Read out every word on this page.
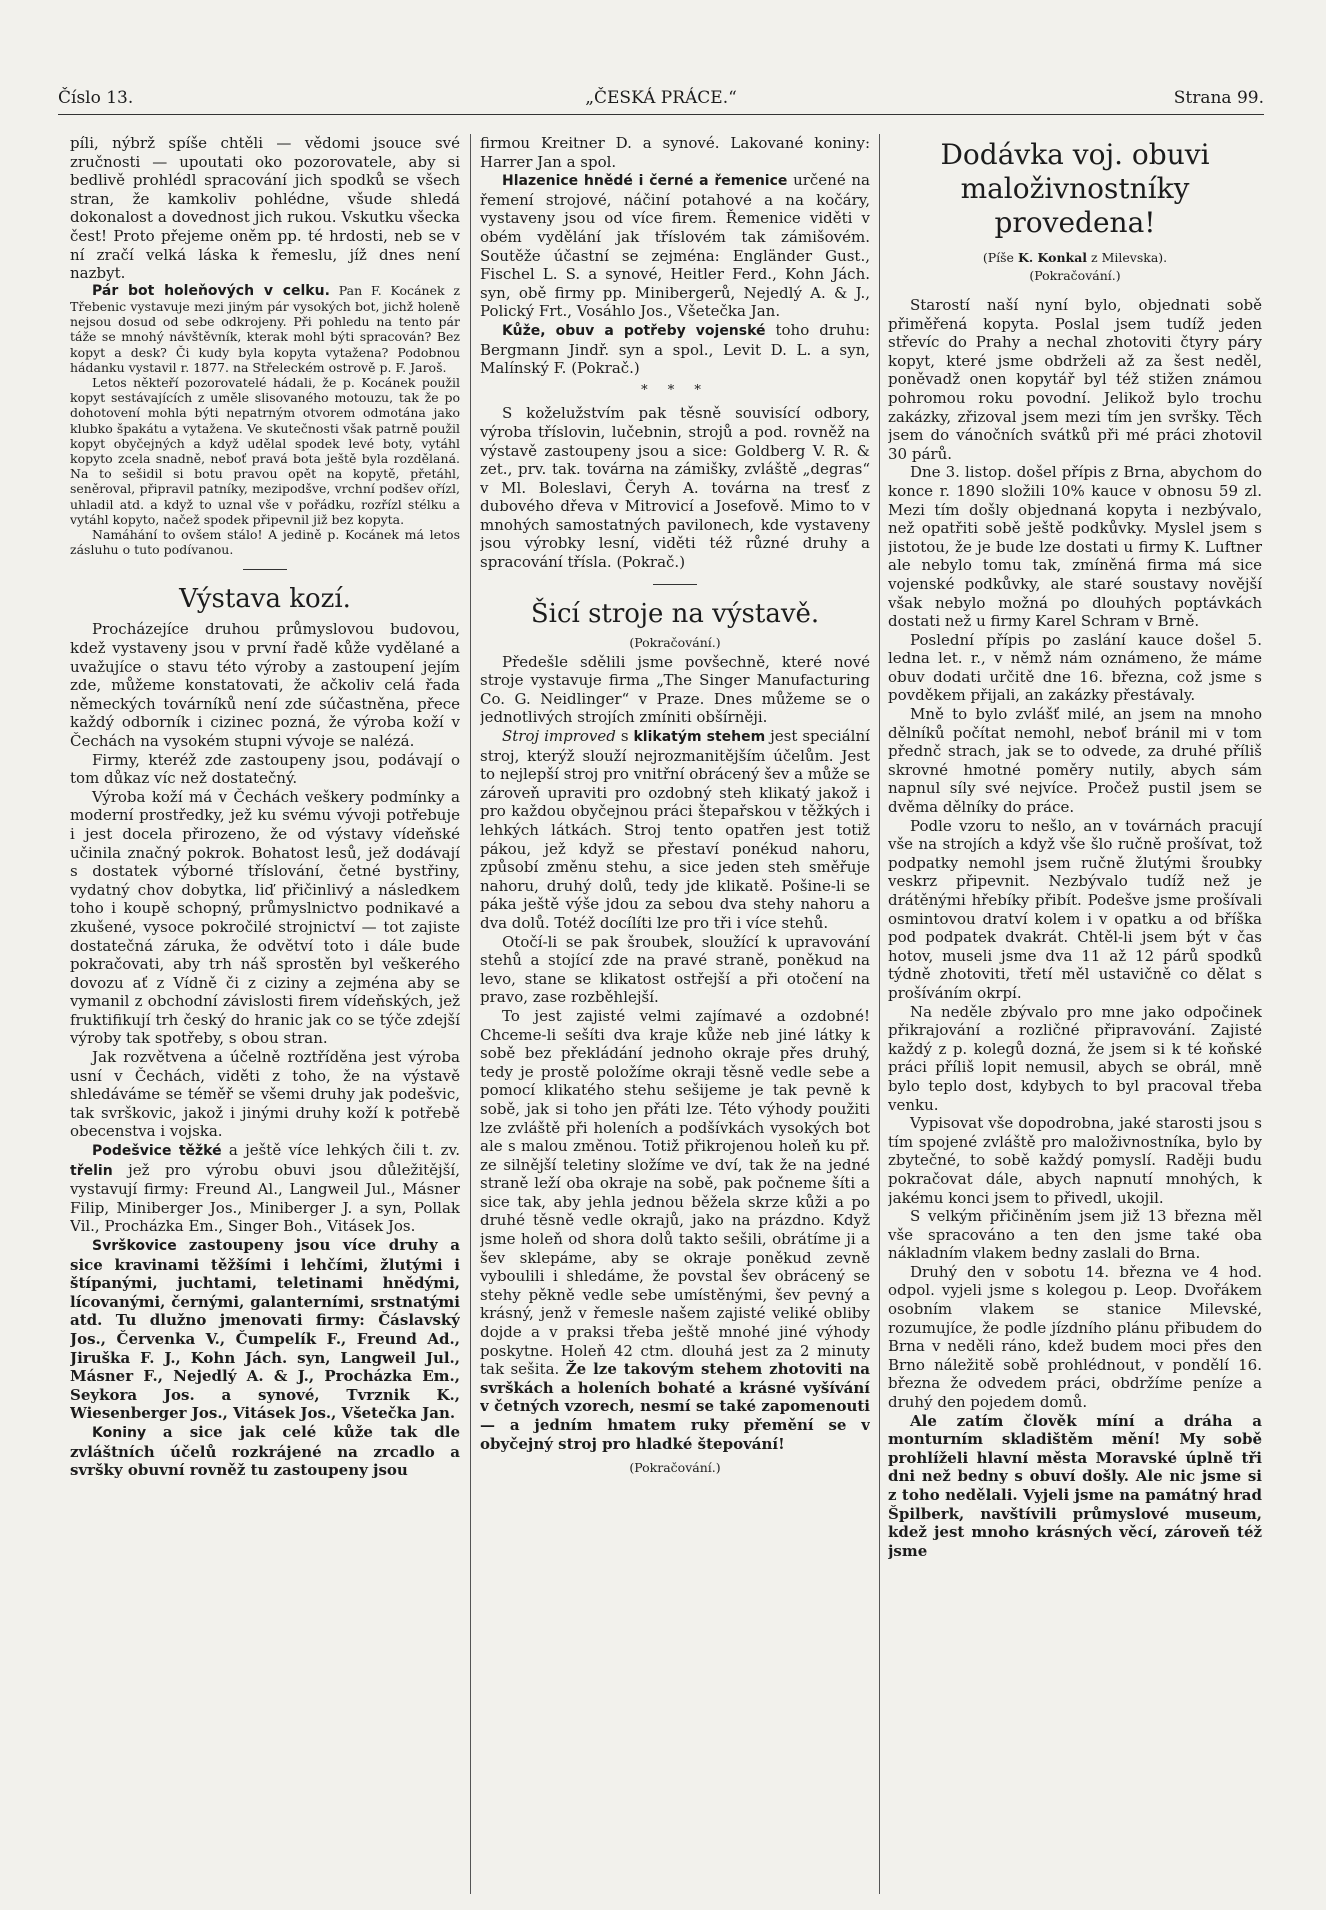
Číslo 13.	„ČESKÁ PRÁCE.“	Strana 99.

píli, nýbrž spíše chtěli — vědomi jsouce své zručnosti — upoutati oko pozorovatele, aby si bedlivě prohlédl spracování jich spodků se všech stran, že kamkoliv pohlédne, všude shledá dokonalost a dovednost jich rukou. Vskutku všecka čest! Proto přejeme oněm pp. té hrdosti, neb se v ní zračí velká láska k řemeslu, jíž dnes není nazbyt.

Pár bot holeňových v celku. Pan F. Kocánek z Třebenic vystavuje mezi jiným pár vysokých bot, jichž holeně nejsou dosud od sebe odkrojeny. Při pohledu na tento pár táže se mnohý návštěvník, kterak mohl býti spracován? Bez kopyt a desk? Či kudy byla kopyta vytažena? Podobnou hádanku vystavil r. 1877. na Střeleckém ostrově p. F. Jaroš.

Letos někteří pozorovatelé hádali, že p. Kocánek použil kopyt sestávajících z uměle slisovaného motouzu, tak že po dohotovení mohla býti nepatrným otvorem odmotána jako klubko špakátu a vytažena. Ve skutečnosti však patrně použil kopyt obyčejných a když udělal spodek levé boty, vytáhl kopyto zcela snadně, neboť pravá bota ještě byla rozdělaná. Na to sešidil si botu pravou opět na kopytě, přetáhl, seněroval, připravil patníky, mezipodšve, vrchní podšev ořízl, uhladil atd. a když to uznal vše v pořádku, rozřízl stélku a vytáhl kopyto, načež spodek připevnil již bez kopyta.

Namáhání to ovšem stálo! A jedině p. Kocánek má letos zásluhu o tuto podívanou.

Výstava kozí.

Procházejíce druhou průmyslovou budovou, kdež vystaveny jsou v první řadě kůže vydělané a uvažujíce o stavu této výroby a zastoupení jejím zde, můžeme konstatovati, že ačkoliv celá řada německých továrníků není zde súčastněna, přece každý odborník i cizinec pozná, že výroba koží v Čechách na vysokém stupni vývoje se nalézá.

Firmy, kteréž zde zastoupeny jsou, podávají o tom důkaz víc než dostatečný.

Výroba koží má v Čechách veškery podmínky a moderní prostředky, jež ku svému vývoji potřebuje i jest docela přirozeno, že od výstavy vídeňské učinila značný pokrok. Bohatost lesů, jež dodávají s dostatek výborné tříslování, četné bystřiny, vydatný chov dobytka, liď přičinlivý a následkem toho i koupě schopný, průmyslnictvo podnikavé a zkušené, vysoce pokročilé strojnictví — tot zajiste dostatečná záruka, že odvětví toto i dále bude pokračovati, aby trh náš sprostěn byl veškerého dovozu ať z Vídně či z ciziny a zejména aby se vymanil z obchodní závislosti firem vídeňských, jež fruktifikují trh český do hranic jak co se týče zdejší výroby tak spotřeby, s obou stran.

Jak rozvětvena a účelně roztříděna jest výroba usní v Čechách, viděti z toho, že na výstavě shledáváme se téměř se všemi druhy jak podešvic, tak svrškovic, jakož i jinými druhy koží k potřebě obecenstva i vojska.

Podešvice těžké a ještě více lehkých čili t. zv. třelin jež pro výrobu obuvi jsou důležitější, vystavují firmy: Freund Al., Langweil Jul., Másner Filip, Miniberger Jos., Miniberger J. a syn, Pollak Vil., Procházka Em., Singer Boh., Vitásek Jos.

Svrškovice zastoupeny jsou více druhy a sice kravinami těžšími i lehčími, žlutými i štípanými, juchtami, teletinami hnědými, lícovanými, černými, galanterními, srstnatými atd. Tu dlužno jmenovati firmy: Čáslavský Jos., Červenka V., Čumpelík F., Freund Ad., Jiruška F. J., Kohn Jách. syn, Langweil Jul., Másner F., Nejedlý A. & J., Procházka Em., Seykora Jos. a synové, Tvrznik K., Wiesenberger Jos., Vitásek Jos., Všetečka Jan.

Koniny a sice jak celé kůže tak dle zvláštních účelů rozkrájené na zrcadlo a svršky obuvní rovněž tu zastoupeny jsou

firmou Kreitner D. a synové. Lakované koniny: Harrer Jan a spol.

Hlazenice hnědé i černé a řemenice určené na řemení strojové, náčiní potahové a na kočáry, vystaveny jsou od více firem. Řemenice viděti v obém vydělání jak tříslovém tak zámišovém. Soutěže účastní se zejména: Engländer Gust., Fischel L. S. a synové, Heitler Ferd., Kohn Jách. syn, obě firmy pp. Minibergerů, Nejedlý A. & J., Polický Frt., Vosáhlo Jos., Všetečka Jan.

Kůže, obuv a potřeby vojenské toho druhu: Bergmann Jindř. syn a spol., Levit D. L. a syn, Malínský F. (Pokrač.)

* * *

S koželužstvím pak těsně souvisící odbory, výroba tříslovin, lučebnin, strojů a pod. rovněž na výstavě zastoupeny jsou a sice: Goldberg V. R. & zet., prv. tak. továrna na zámišky, zvláště „degras“ v Ml. Boleslavi, Čeryh A. továrna na tresť z dubového dřeva v Mitrovicí a Josefově. Mimo to v mnohých samostatných pavilonech, kde vystaveny jsou výrobky lesní, viděti též různé druhy a spracování třísla. (Pokrač.)

Šicí stroje na výstavě.
(Pokračování.)

Předešle sdělili jsme povšechně, které nové stroje vystavuje firma „The Singer Manufacturing Co. G. Neidlinger“ v Praze. Dnes můžeme se o jednotlivých strojích zmíniti obšírněji.

Stroj improved s klikatým stehem jest speciální stroj, kterýž slouží nejrozmanitějším účelům. Jest to nejlepší stroj pro vnitřní obrácený šev a může se zároveň upraviti pro ozdobný steh klikatý jakož i pro každou obyčejnou práci štepařskou v těžkých i lehkých látkách. Stroj tento opatřen jest totiž pákou, jež když se přestaví ponékud nahoru, způsobí změnu stehu, a sice jeden steh směřuje nahoru, druhý dolů, tedy jde klikatě. Pošine-li se páka ještě výše jdou za sebou dva stehy nahoru a dva dolů. Totéž docílíti lze pro tři i více stehů.

Otočí-li se pak šroubek, sloužící k upravování stehů a stojící zde na pravé straně, poněkud na levo, stane se klikatost ostřejší a při otočení na pravo, zase rozběhlejší.

To jest zajisté velmi zajímavé a ozdobné! Chceme-li sešíti dva kraje kůže neb jiné látky k sobě bez překládání jednoho okraje přes druhý, tedy je prostě položíme okraji těsně vedle sebe a pomocí klikatého stehu sešijeme je tak pevně k sobě, jak si toho jen přáti lze. Této výhody použiti lze zvláště při holeních a podšívkách vysokých bot ale s malou změnou. Totiž přikrojenou holeň ku př. ze silnější teletiny složíme ve dví, tak že na jedné straně leží oba okraje na sobě, pak počneme šíti a sice tak, aby jehla jednou běžela skrze kůži a po druhé těsně vedle okrajů, jako na prázdno. Když jsme holeň od shora dolů takto sešili, obrátíme ji a šev sklepáme, aby se okraje poněkud zevně vyboulili i shledáme, že povstal šev obrácený se stehy pěkně vedle sebe umístěnými, šev pevný a krásný, jenž v řemesle našem zajisté veliké obliby dojde a v praksi třeba ještě mnohé jiné výhody poskytne. Holeň 42 ctm. dlouhá jest za 2 minuty tak sešita. Že lze takovým stehem zhotoviti na svrškách a holeních bohaté a krásné vyšívání v četných vzorech, nesmí se také zapomenouti — a jedním hmatem ruky přemění se v obyčejný stroj pro hladké štepování!

(Pokračování.)
Dodávka voj. obuvi maloživnostníky provedena!
(Píše K. Konkal z Milevska).
(Pokračování.)

Starostí naší nyní bylo, objednati sobě přiměřená kopyta. Poslal jsem tudíž jeden střevíc do Prahy a nechal zhotoviti čtyry páry kopyt, které jsme obdrželi až za šest neděl, poněvadž onen kopytář byl též stižen známou pohromou roku povodní. Jelikož bylo trochu zakázky, zřizoval jsem mezi tím jen svršky. Těch jsem do vánočních svátků při mé práci zhotovil 30 párů.

Dne 3. listop. došel přípis z Brna, abychom do konce r. 1890 složili 10% kauce v obnosu 59 zl. Mezi tím došly objednaná kopyta i nezbývalo, než opatřiti sobě ještě podkůvky. Myslel jsem s jistotou, že je bude lze dostati u firmy K. Luftner ale nebylo tomu tak, zmíněná firma má sice vojenské podkůvky, ale staré soustavy novější však nebylo možná po dlouhých poptávkách dostati než u firmy Karel Schram v Brně.

Poslední přípis po zaslání kauce došel 5. ledna let. r., v němž nám oznámeno, že máme obuv dodati určitě dne 16. března, což jsme s povděkem přijali, an zakázky přestávaly.

Mně to bylo zvlášť milé, an jsem na mnoho dělníků počítat nemohl, neboť bránil mi v tom přednč strach, jak se to odvede, za druhé příliš skrovné hmotné poměry nutily, abych sám napnul síly své nejvíce. Pročež pustil jsem se dvěma dělníky do práce.

Podle vzoru to nešlo, an v továrnách pracují vše na strojích a když vše šlo ručně prošívat, tož podpatky nemohl jsem ručně žlutými šroubky veskrz připevnit. Nezbývalo tudíž než je drátěnými hřebíky přibít. Podešve jsme prošívali osmintovou dratví kolem i v opatku a od bříška pod podpatek dvakrát. Chtěl-li jsem být v čas hotov, museli jsme dva 11 až 12 párů spodků týdně zhotoviti, třetí měl ustavičně co dělat s prošíváním okrpí.

Na neděle zbývalo pro mne jako odpočinek přikrajování a rozličné připravování. Zajisté každý z p. kolegů dozná, že jsem si k té koňské práci příliš lopit nemusil, abych se obrál, mně bylo teplo dost, kdybych to byl pracoval třeba venku.

Vypisovat vše dopodrobna, jaké starosti jsou s tím spojené zvláště pro maloživnostníka, bylo by zbytečné, to sobě každý pomyslí. Raději budu pokračovat dále, abych napnutí mnohých, k jakému konci jsem to přivedl, ukojil.

S velkým přičiněním jsem již 13 března měl vše spracováno a ten den jsme také oba nákladním vlakem bedny zaslali do Brna.

Druhý den v sobotu 14. března ve 4 hod. odpol. vyjeli jsme s kolegou p. Leop. Dvořákem osobním vlakem se stanice Milevské, rozumujíce, že podle jízdního plánu přibudem do Brna v neděli ráno, kdež budem moci přes den Brno náležitě sobě prohlédnout, v pondělí 16. března že odvedem práci, obdržíme peníze a druhý den pojedem domů.

Ale zatím člověk míní a dráha a monturním skladištěm mění! My sobě prohlíželi hlavní města Moravské úplně tři dni než bedny s obuví došly. Ale nic jsme si z toho nedělali. Vyjeli jsme na památný hrad Špilberk, navštívili průmyslové museum, kdež jest mnoho krásných věcí, zároveň též jsme
